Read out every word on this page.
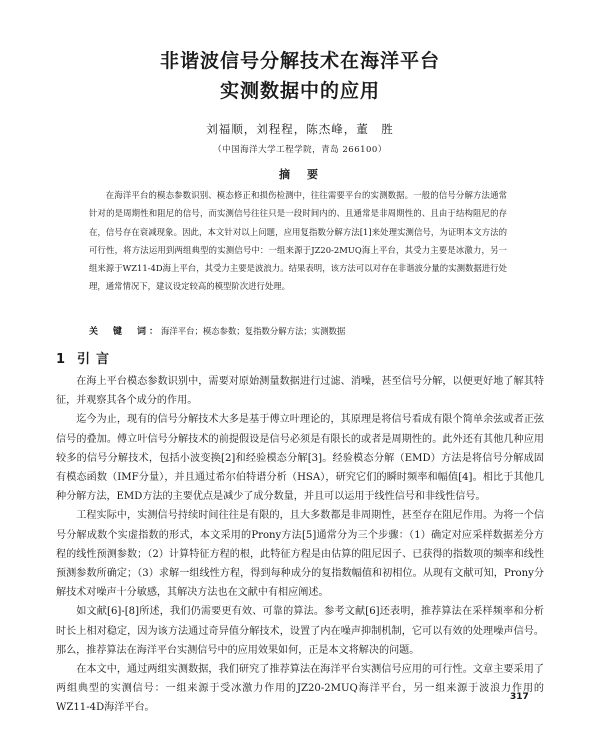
非谐波信号分解技术在海洋平台
实测数据中的应用
刘福顺，刘程程，陈杰峰，董　胜
（中国海洋大学工程学院，青岛 266100）
摘　要

在海洋平台的模态参数识别、模态修正和损伤检测中，往往需要平台的实测数据。一般的信号分解方法通常针对的是周期性和阻尼的信号，而实测信号往往只是一段时间内的、且通常是非周期性的、且由于结构阻尼的存在，信号存在衰减现象。因此，本文针对以上问题，应用复指数分解方法[1]来处理实测信号，为证明本文方法的可行性，将方法运用到两组典型的实测信号中：一组来源于JZ20-2MUQ海上平台，其受力主要是冰激力，另一组来源于WZ11-4D海上平台，其受力主要是波浪力。结果表明，该方法可以对存在非谐波分量的实测数据进行处理，通常情况下，建议设定较高的模型阶次进行处理。

关　键　词：海洋平台；模态参数；复指数分解方法；实测数据
1 引言

在海上平台模态参数识别中，需要对原始测量数据进行过滤、消噪，甚至信号分解，以便更好地了解其特征，并观察其各个成分的作用。

迄今为止，现有的信号分解技术大多是基于傅立叶理论的，其原理是将信号看成有限个简单余弦或者正弦信号的叠加。傅立叶信号分解技术的前提假设是信号必须是有限长的或者是周期性的。此外还有其他几种应用较多的信号分解技术，包括小波变换[2]和经验模态分解[3]。经验模态分解（EMD）方法是将信号分解成固有模态函数（IMF分量），并且通过希尔伯特谱分析（HSA），研究它们的瞬时频率和幅值[4]。相比于其他几种分解方法，EMD方法的主要优点是减少了成分数量，并且可以运用于线性信号和非线性信号。

工程实际中，实测信号持续时间往往是有限的，且大多数都是非周期性，甚至存在阻尼作用。为将一个信号分解成数个实虚指数的形式，本文采用的Prony方法[5]通常分为三个步骤：（1）确定对应采样数据差分方程的线性预测参数；（2）计算特征方程的根，此特征方程是由估算的阻尼因子、已获得的指数项的频率和线性预测参数所确定；（3）求解一组线性方程，得到每种成分的复指数幅值和初相位。从现有文献可知，Prony分解技术对噪声十分敏感，其解决方法也在文献中有相应阐述。

如文献[6]-[8]所述，我们仍需要更有效、可靠的算法。参考文献[6]还表明，推荐算法在采样频率和分析时长上相对稳定，因为该方法通过奇异值分解技术，设置了内在噪声抑制机制，它可以有效的处理噪声信号。那么，推荐算法在海洋平台实测信号中的应用效果如何，正是本文将解决的问题。

在本文中，通过两组实测数据，我们研究了推荐算法在海洋平台实测信号应用的可行性。文章主要采用了两组典型的实测信号：一组来源于受冰激力作用的JZ20-2MUQ海洋平台，另一组来源于波浪力作用的WZ11-4D海洋平台。

317
